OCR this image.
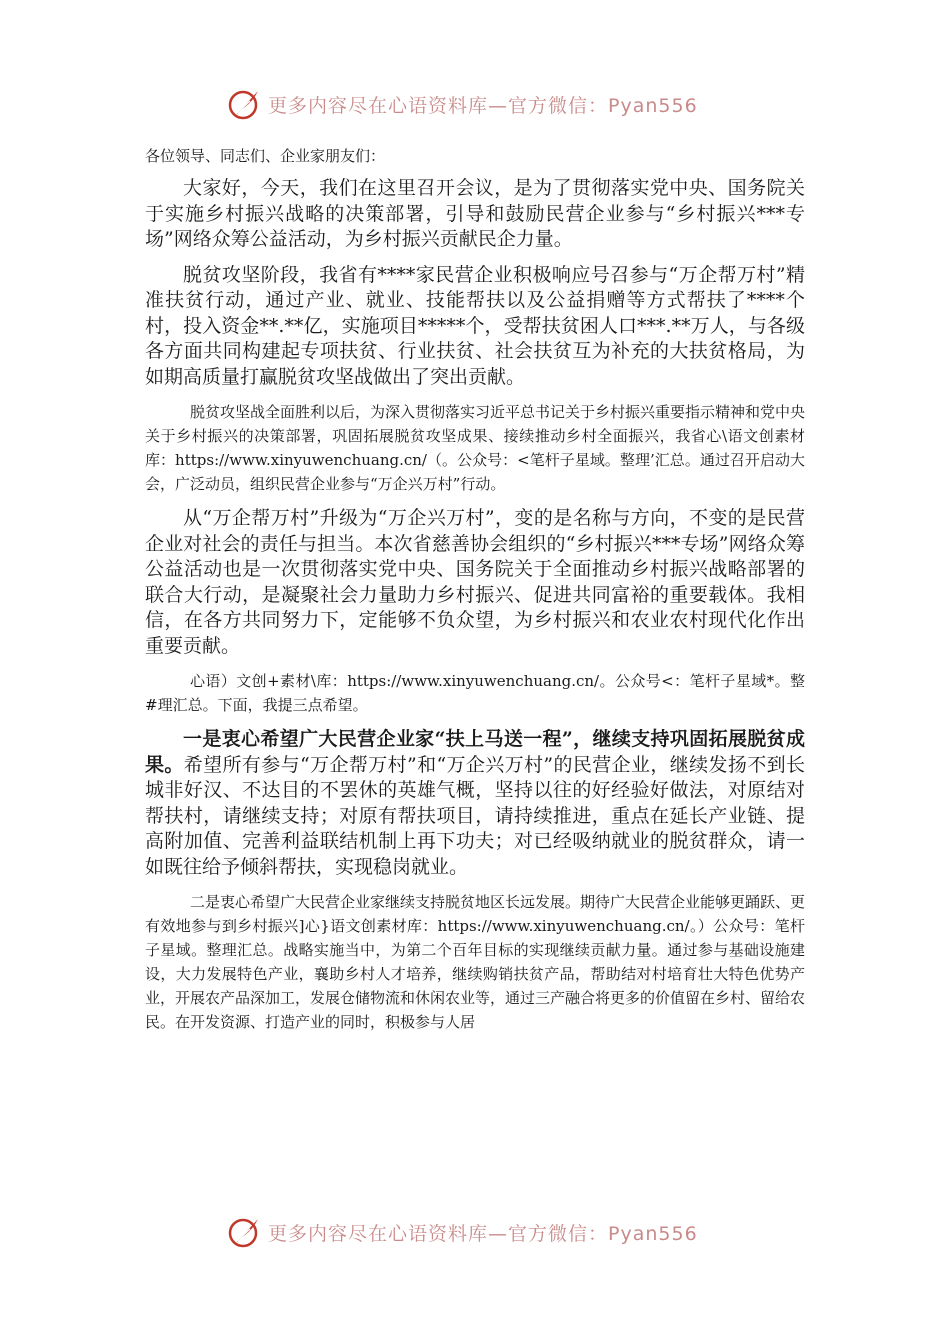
更多内容尽在心语资料库—官方微信：Pyan556

各位领导、同志们、企业家朋友们：

大家好，今天，我们在这里召开会议，是为了贯彻落实党中央、国务院关于实施乡村振兴战略的决策部署，引导和鼓励民营企业参与“乡村振兴***专场”网络众筹公益活动，为乡村振兴贡献民企力量。

脱贫攻坚阶段，我省有****家民营企业积极响应号召参与“万企帮万村”精准扶贫行动，通过产业、就业、技能帮扶以及公益捐赠等方式帮扶了****个村，投入资金**.**亿，实施项目*****个，受帮扶贫困人口***.**万人，与各级各方面共同构建起专项扶贫、行业扶贫、社会扶贫互为补充的大扶贫格局，为如期高质量打赢脱贫攻坚战做出了突出贡献。

脱贫攻坚战全面胜利以后，为深入贯彻落实习近平总书记关于乡村振兴重要指示精神和党中央关于乡村振兴的决策部署，巩固拓展脱贫攻坚成果、接续推动乡村全面振兴，我省心\语文创素材库：https://www.xinyuwenchuang.cn/（。公众号：<笔杆子星域。整理’汇总。通过召开启动大会，广泛动员，组织民营企业参与“万企兴万村”行动。

从“万企帮万村”升级为“万企兴万村”，变的是名称与方向，不变的是民营企业对社会的责任与担当。本次省慈善协会组织的“乡村振兴***专场”网络众筹公益活动也是一次贯彻落实党中央、国务院关于全面推动乡村振兴战略部署的联合大行动，是凝聚社会力量助力乡村振兴、促进共同富裕的重要载体。我相信，在各方共同努力下，定能够不负众望，为乡村振兴和农业农村现代化作出重要贡献。

心语）文创+素材\库：https://www.xinyuwenchuang.cn/。公众号<：笔杆子星域*。整#理汇总。下面，我提三点希望。

一是衷心希望广大民营企业家“扶上马送一程”，继续支持巩固拓展脱贫成果。希望所有参与“万企帮万村”和“万企兴万村”的民营企业，继续发扬不到长城非好汉、不达目的不罢休的英雄气概，坚持以往的好经验好做法，对原结对帮扶村，请继续支持；对原有帮扶项目，请持续推进，重点在延长产业链、提高附加值、完善利益联结机制上再下功夫；对已经吸纳就业的脱贫群众，请一如既往给予倾斜帮扶，实现稳岗就业。

二是衷心希望广大民营企业家继续支持脱贫地区长远发展。期待广大民营企业能够更踊跃、更有效地参与到乡村振兴]心}语文创素材库：https://www.xinyuwenchuang.cn/。）公众号：笔杆子星域。整理汇总。战略实施当中，为第二个百年目标的实现继续贡献力量。通过参与基础设施建设，大力发展特色产业，襄助乡村人才培养，继续购销扶贫产品，帮助结对村培育壮大特色优势产业，开展农产品深加工，发展仓储物流和休闲农业等，通过三产融合将更多的价值留在乡村、留给农民。在开发资源、打造产业的同时，积极参与人居

更多内容尽在心语资料库—官方微信：Pyan556
